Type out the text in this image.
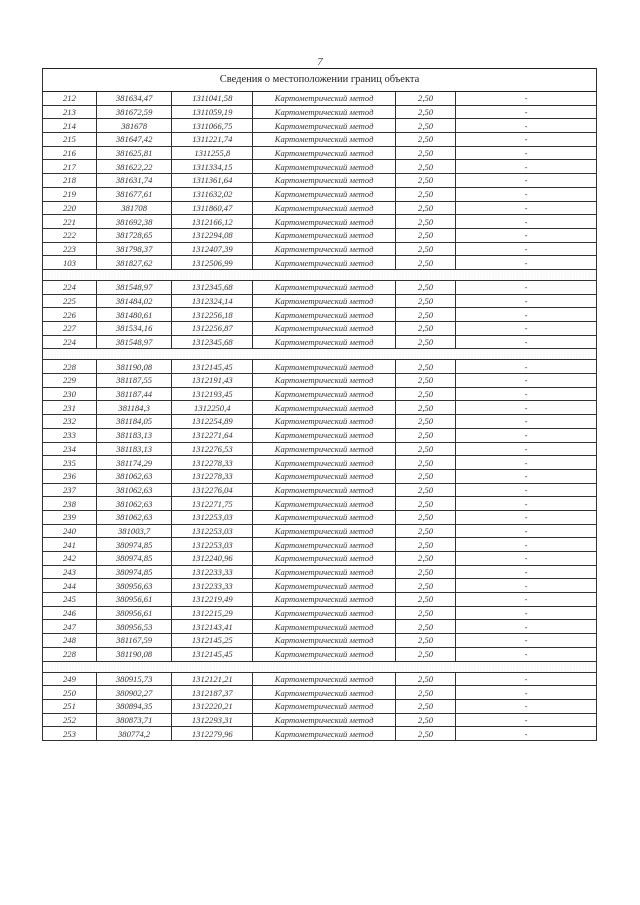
7
Сведения о местоположении границ объекта					
212	381634,47	1311041,58	Картометрический метод	2,50	-
213	381672,59	1311059,19	Картометрический метод	2,50	-
214	381678	1311066,75	Картометрический метод	2,50	-
215	381647,42	1311221,74	Картометрический метод	2,50	-
216	381625,81	1311255,8	Картометрический метод	2,50	-
217	381622,22	1311334,15	Картометрический метод	2,50	-
218	381631,74	1311361,64	Картометрический метод	2,50	-
219	381677,61	1311632,02	Картометрический метод	2,50	-
220	381708	1311860,47	Картометрический метод	2,50	-
221	381692,38	1312166,12	Картометрический метод	2,50	-
222	381728,65	1312294,08	Картометрический метод	2,50	-
223	381798,37	1312407,39	Картометрический метод	2,50	-
103	381827,62	1312506,99	Картометрический метод	2,50	-

224	381548,97	1312345,68	Картометрический метод	2,50	-
225	381484,02	1312324,14	Картометрический метод	2,50	-
226	381480,61	1312256,18	Картометрический метод	2,50	-
227	381534,16	1312256,87	Картометрический метод	2,50	-
224	381548,97	1312345,68	Картометрический метод	2,50	-

228	381190,08	1312145,45	Картометрический метод	2,50	-
229	381187,55	1312191,43	Картометрический метод	2,50	-
230	381187,44	1312193,45	Картометрический метод	2,50	-
231	381184,3	1312250,4	Картометрический метод	2,50	-
232	381184,05	1312254,89	Картометрический метод	2,50	-
233	381183,13	1312271,64	Картометрический метод	2,50	-
234	381183,13	1312276,53	Картометрический метод	2,50	-
235	381174,29	1312278,33	Картометрический метод	2,50	-
236	381062,63	1312278,33	Картометрический метод	2,50	-
237	381062,63	1312276,04	Картометрический метод	2,50	-
238	381062,63	1312271,75	Картометрический метод	2,50	-
239	381062,63	1312253,03	Картометрический метод	2,50	-
240	381003,7	1312253,03	Картометрический метод	2,50	-
241	380974,85	1312253,03	Картометрический метод	2,50	-
242	380974,85	1312240,96	Картометрический метод	2,50	-
243	380974,85	1312233,33	Картометрический метод	2,50	-
244	380956,63	1312233,33	Картометрический метод	2,50	-
245	380956,61	1312219,49	Картометрический метод	2,50	-
246	380956,61	1312215,29	Картометрический метод	2,50	-
247	380956,53	1312143,41	Картометрический метод	2,50	-
248	381167,59	1312145,25	Картометрический метод	2,50	-
228	381190,08	1312145,45	Картометрический метод	2,50	-

249	380915,73	1312121,21	Картометрический метод	2,50	-
250	380902,27	1312187,37	Картометрический метод	2,50	-
251	380894,35	1312220,21	Картометрический метод	2,50	-
252	380873,71	1312293,31	Картометрический метод	2,50	-
253	380774,2	1312279,96	Картометрический метод	2,50	-
